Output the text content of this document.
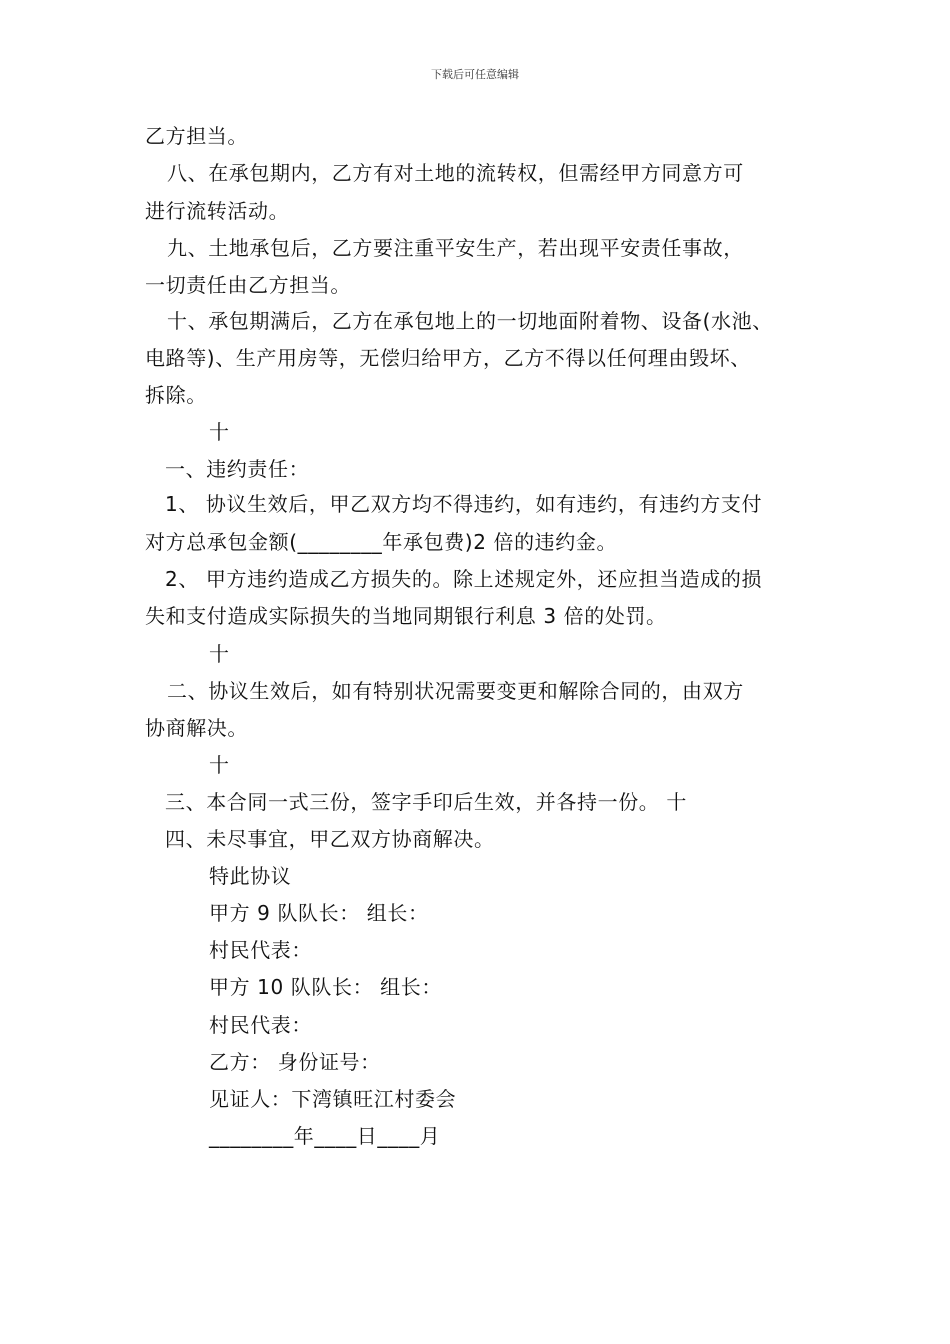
下载后可任意编辑
乙方担当。
八、在承包期内，乙方有对土地的流转权，但需经甲方同意方可
进行流转活动。
九、土地承包后，乙方要注重平安生产，若出现平安责任事故，
一切责任由乙方担当。
十、承包期满后，乙方在承包地上的一切地面附着物、设备(水池、
电路等)、生产用房等，无偿归给甲方，乙方不得以任何理由毁坏、
拆除。
十
一、违约责任：
1、 协议生效后，甲乙双方均不得违约，如有违约，有违约方支付
对方总承包金额(________年承包费)2 倍的违约金。
2、 甲方违约造成乙方损失的。除上述规定外，还应担当造成的损
失和支付造成实际损失的当地同期银行利息 3 倍的处罚。
十
二、协议生效后，如有特别状况需要变更和解除合同的，由双方
协商解决。
十
三、本合同一式三份，签字手印后生效，并各持一份。 十
四、未尽事宜，甲乙双方协商解决。
特此协议
甲方 9 队队长： 组长：
村民代表：
甲方 10 队队长： 组长：
村民代表：
乙方： 身份证号：
见证人：下湾镇旺江村委会
________年____日____月
